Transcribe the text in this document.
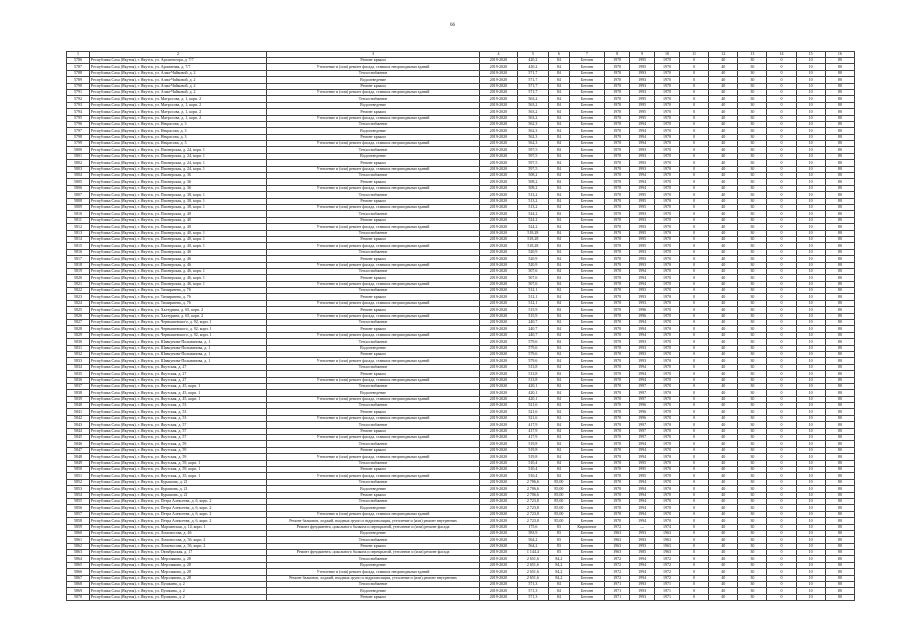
66
1	2	3	4	5	6	7	8	9	10	11	12	13	14	15	16
5786	Республика Саха (Якутия), г. Якутск, ул. Архитектора, д. 7/7	Ремонт крыши	2019-2020	420,2	84	Бетонн	1970	1995	1970	0	40	30	0	10	80
5787	Республика Саха (Якутия), г. Якутск, ул. Ароматная, д. 7/7	Утепление и (или) ремонт фасада, ставших непригодными зданий	2019-2020	420,2	84	Бетонн	1970	1995	1970	0	40	30	0	10	80
5788	Республика Саха (Якутия), г. Якутск, ул. Алма-Чайковой, д. 2	Теплоснабжение	2019-2020	571,7	84	Бетонн	1970	1993	1970	0	40	30	0	10	80
5789	Республика Саха (Якутия), г. Якутск, ул. Алма-Чайковой, д. 2	Водоотведение	2019-2020	571,7	84	Бетонн	1970	1993	1970	0	40	30	0	10	80
5790	Республика Саха (Якутия), г. Якутск, ул. Алма-Чайковой, д. 2	Ремонт крыши	2019-2020	571,7	84	Бетонн	1970	1993	1970	0	40	30	0	10	80
5791	Республика Саха (Якутия), г. Якутск, ул. Алма-Чайковой, д. 2	Утепление и (или) ремонт фасада, ставших непригодными зданий	2019-2020	571,7	84	Бетонн	1970	1993	1970	0	40	30	0	10	80
5792	Республика Саха (Якутия), г. Якутск, ул. Матросова, д. 1, корп. 2	Теплоснабжение	2019-2020	563,2	84	Бетонн	1970	1995	1970	0	40	30	0	10	80
5793	Республика Саха (Якутия), г. Якутск, ул. Матросова, д. 1, корп. 2	Водоотведение	2019-2020	563,2	84	Бетонн	1970	1995	1970	0	40	30	0	10	80
5794	Республика Саха (Якутия), г. Якутск, ул. Матросова, д. 1, корп. 2	Ремонт крыши	2019-2020	563,2	84	Бетонн	1970	1995	1970	0	40	30	0	10	80
5795	Республика Саха (Якутия), г. Якутск, ул. Матросова, д. 1, корп. 2	Утепление и (или) ремонт фасада, ставших непригодными зданий	2019-2020	563,2	84	Бетонн	1970	1995	1970	0	40	30	0	10	80
5796	Республика Саха (Якутия), г. Якутск, ул. Некрасова, д. 3	Теплоснабжение	2019-2020	562,3	84	Бетонн	1970	1994	1970	0	40	30	0	10	80
5797	Республика Саха (Якутия), г. Якутск, ул. Некрасова, д. 3	Водоотведение	2019-2020	562,3	84	Бетонн	1970	1994	1970	0	40	30	0	10	80
5798	Республика Саха (Якутия), г. Якутск, ул. Некрасова, д. 3	Ремонт крыши	2019-2020	562,3	84	Бетонн	1970	1994	1970	0	40	30	0	10	80
5799	Республика Саха (Якутия), г. Якутск, ул. Некрасова, д. 3	Утепление и (или) ремонт фасада, ставших непригодными зданий	2019-2020	562,3	84	Бетонн	1970	1994	1970	0	40	30	0	10	80
5800	Республика Саха (Якутия), г. Якутск, ул. Пионерская, д. 24, корп. 1	Теплоснабжение	2019-2020	597,5	84	Бетонн	1970	1993	1970	0	40	30	0	10	80
5801	Республика Саха (Якутия), г. Якутск, ул. Пионерская, д. 24, корп. 1	Водоотведение	2019-2020	597,5	84	Бетонн	1970	1993	1970	0	40	30	0	10	80
5802	Республика Саха (Якутия), г. Якутск, ул. Пионерская, д. 24, корп. 1	Ремонт крыши	2019-2020	597,5	84	Бетонн	1970	1993	1970	0	40	30	0	10	80
5803	Республика Саха (Якутия), г. Якутск, ул. Пионерская, д. 24, корп. 1	Утепление и (или) ремонт фасада, ставших непригодными зданий	2019-2020	597,5	84	Бетонн	1970	1993	1970	0	40	30	0	10	80
5804	Республика Саха (Якутия), г. Якутск, ул. Пионерская, д. 36	Теплоснабжение	2019-2020	508,2	84	Бетонн	1970	1994	1970	0	40	30	0	10	80
5805	Республика Саха (Якутия), г. Якутск, ул. Пионерская, д. 36	Ремонт крыши	2019-2020	508,2	84	Бетонн	1970	1994	1970	0	40	30	0	10	80
5806	Республика Саха (Якутия), г. Якутск, ул. Пионерская, д. 36	Утепление и (или) ремонт фасада, ставших непригодными зданий	2019-2020	508,2	84	Бетонн	1970	1994	1970	0	40	30	0	10	80
5807	Республика Саха (Якутия), г. Якутск, ул. Пионерская, д. 38, корп. 1	Теплоснабжение	2019-2020	513,2	84	Бетонн	1970	1995	1970	0	40	30	0	10	80
5808	Республика Саха (Якутия), г. Якутск, ул. Пионерская, д. 38, корп. 1	Ремонт крыши	2019-2020	513,2	84	Бетонн	1970	1995	1970	0	40	30	0	10	80
5809	Республика Саха (Якутия), г. Якутск, ул. Пионерская, д. 38, корп. 1	Утепление и (или) ремонт фасада, ставших непригодными зданий	2019-2020	513,2	84	Бетонн	1970	1995	1970	0	40	30	0	10	80
5810	Республика Саха (Якутия), г. Якутск, ул. Пионерская, д. 40	Теплоснабжение	2019-2020	524,2	84	Бетонн	1970	1993	1970	0	40	30	0	10	80
5811	Республика Саха (Якутия), г. Якутск, ул. Пионерская, д. 40	Ремонт крыши	2019-2020	524,2	84	Бетонн	1970	1993	1970	0	40	30	0	10	80
5812	Республика Саха (Якутия), г. Якутск, ул. Пионерская, д. 40	Утепление и (или) ремонт фасада, ставших непригодными зданий	2019-2020	524,2	84	Бетонн	1970	1993	1970	0	40	30	0	10	80
5813	Республика Саха (Якутия), г. Якутск, ул. Пионерская, д. 40, корп. 1	Теплоснабжение	2019-2020	518,28	84	Бетонн	1970	1995	1970	0	40	30	0	10	80
5814	Республика Саха (Якутия), г. Якутск, ул. Пионерская, д. 40, корп. 1	Ремонт крыши	2019-2020	518,28	84	Бетонн	1970	1995	1970	0	40	30	0	10	80
5815	Республика Саха (Якутия), г. Якутск, ул. Пионерская, д. 40, корп. 1	Утепление и (или) ремонт фасада, ставших непригодными зданий	2019-2020	518,28	84	Бетонн	1970	1995	1970	0	40	30	0	10	80
5816	Республика Саха (Якутия), г. Якутск, ул. Пионерская, д. 46	Теплоснабжение	2019-2020	520,9	84	Бетонн	1970	1993	1970	0	40	30	0	10	80
5817	Республика Саха (Якутия), г. Якутск, ул. Пионерская, д. 46	Ремонт крыши	2019-2020	520,9	84	Бетонн	1970	1993	1970	0	40	30	0	10	80
5818	Республика Саха (Якутия), г. Якутск, ул. Пионерская, д. 46	Утепление и (или) ремонт фасада, ставших непригодными зданий	2019-2020	520,9	84	Бетонн	1970	1993	1970	0	40	30	0	10	80
5819	Республика Саха (Якутия), г. Якутск, ул. Пионерская, д. 46, корп. 1	Теплоснабжение	2019-2020	507,6	84	Бетонн	1970	1994	1970	0	40	30	0	10	80
5820	Республика Саха (Якутия), г. Якутск, ул. Пионерская, д. 46, корп. 1	Ремонт крыши	2019-2020	507,6	84	Бетонн	1970	1994	1970	0	40	30	0	10	80
5821	Республика Саха (Якутия), г. Якутск, ул. Пионерская, д. 46, корп. 1	Утепление и (или) ремонт фасада, ставших непригодными зданий	2019-2020	507,6	84	Бетонн	1970	1994	1970	0	40	30	0	10	80
5822	Республика Саха (Якутия), г. Якутск, ул. Тимирязева, д. 76	Теплоснабжение	2019-2020	512,1	84	Бетонн	1970	1993	1970	0	40	30	0	10	80
5823	Республика Саха (Якутия), г. Якутск, ул. Тимирязева, д. 76	Ремонт крыши	2019-2020	512,1	84	Бетонн	1970	1993	1970	0	40	30	0	10	80
5824	Республика Саха (Якутия), г. Якутск, ул. Тимирязева, д. 76	Утепление и (или) ремонт фасада, ставших непригодными зданий	2019-2020	512,1	84	Бетонн	1970	1993	1970	0	40	30	0	10	80
5825	Республика Саха (Якутия), г. Якутск, ул. Халтурина, д. 65, корп. 2	Ремонт крыши	2019-2020	515,9	84	Бетонн	1970	1996	1970	0	40	30	0	10	80
5826	Республика Саха (Якутия), г. Якутск, ул. Халтурина, д. 65, корп. 2	Утепление и (или) ремонт фасада, ставших непригодными зданий	2019-2020	515,9	84	Бетонн	1970	1996	1970	0	40	30	0	10	80
5827	Республика Саха (Якутия), г. Якутск, ул. Чернышевского, д. 92, корп. 1	Теплоснабжение	2019-2020	240,7	84	Бетонн	1970	1994	1970	0	40	30	0	10	80
5828	Республика Саха (Якутия), г. Якутск, ул. Чернышевского, д. 92, корп. 1	Ремонт крыши	2019-2020	240,7	84	Бетонн	1970	1994	1970	0	40	30	0	10	80
5829	Республика Саха (Якутия), г. Якутск, ул. Чернышевского, д. 92, корп. 1	Утепление и (или) ремонт фасада, ставших непригодными зданий	2019-2020	240,7	84	Бетонн	1970	1994	1970	0	40	30	0	10	80
5830	Республика Саха (Якутия), г. Якутск, ул. Шавкунова-Полыванова, д. 1	Теплоснабжение	2019-2020	579,6	84	Бетонн	1970	1993	1970	0	40	30	0	10	80
5831	Республика Саха (Якутия), г. Якутск, ул. Шавкунова-Полыванова, д. 1	Водоотведение	2019-2020	579,6	84	Бетонн	1970	1993	1970	0	40	30	0	10	80
5832	Республика Саха (Якутия), г. Якутск, ул. Шавкунова-Полыванова, д. 1	Ремонт крыши	2019-2020	579,6	84	Бетонн	1970	1993	1970	0	40	30	0	10	80
5833	Республика Саха (Якутия), г. Якутск, ул. Шавкунова-Полыванова, д. 1	Утепление и (или) ремонт фасада, ставших непригодными зданий	2019-2020	579,6	84	Бетонн	1970	1993	1970	0	40	30	0	10	80
5834	Республика Саха (Якутия), г. Якутск, ул. Якутская, д. 27	Теплоснабжение	2019-2020	513,8	84	Бетонн	1970	1994	1970	0	40	30	0	10	80
5835	Республика Саха (Якутия), г. Якутск, ул. Якутская, д. 27	Ремонт крыши	2019-2020	513,8	84	Бетонн	1970	1994	1970	0	40	30	0	10	80
5836	Республика Саха (Якутия), г. Якутск, ул. Якутская, д. 27	Утепление и (или) ремонт фасада, ставших непригодными зданий	2019-2020	513,8	84	Бетонн	1970	1994	1970	0	40	30	0	10	80
5837	Республика Саха (Якутия), г. Якутск, ул. Якутская, д. 45, корп. 1	Теплоснабжение	2019-2020	420,1	84	Бетонн	1970	1997	1970	0	40	30	0	10	80
5838	Республика Саха (Якутия), г. Якутск, ул. Якутская, д. 45, корп. 1	Водоотведение	2019-2020	420,1	84	Бетонн	1970	1997	1970	0	40	30	0	10	80
5839	Республика Саха (Якутия), г. Якутск, ул. Якутская, д. 45, корп. 1	Утепление и (или) ремонт фасада, ставших непригодными зданий	2019-2020	420,1	84	Бетонн	1970	1997	1970	0	40	30	0	10	80
5840	Республика Саха (Якутия), г. Якутск, ул. Якутская, д. 53	Теплоснабжение	2019-2020	521,6	84	Бетонн	1970	1996	1970	0	40	30	0	10	80
5841	Республика Саха (Якутия), г. Якутск, ул. Якутская, д. 53	Ремонт крыши	2019-2020	521,6	84	Бетонн	1970	1996	1970	0	40	30	0	10	80
5842	Республика Саха (Якутия), г. Якутск, ул. Якутская, д. 53	Утепление и (или) ремонт фасада, ставших непригодными зданий	2019-2020	521,6	84	Бетонн	1970	1996	1970	0	40	30	0	10	80
5843	Республика Саха (Якутия), г. Якутск, ул. Якутская, д. 57	Теплоснабжение	2019-2020	417,9	84	Бетонн	1970	1997	1970	0	40	30	0	10	80
5844	Республика Саха (Якутия), г. Якутск, ул. Якутская, д. 57	Ремонт крыши	2019-2020	417,9	84	Бетонн	1970	1997	1970	0	40	30	0	10	80
5845	Республика Саха (Якутия), г. Якутск, ул. Якутская, д. 57	Утепление и (или) ремонт фасада, ставших непригодными зданий	2019-2020	417,9	84	Бетонн	1970	1997	1970	0	40	30	0	10	80
5846	Республика Саха (Якутия), г. Якутск, ул. Якутская, д. 59	Теплоснабжение	2019-2020	519,8	84	Бетонн	1970	1994	1970	0	40	30	0	10	80
5847	Республика Саха (Якутия), г. Якутск, ул. Якутская, д. 59	Ремонт крыши	2019-2020	519,8	84	Бетонн	1970	1994	1970	0	40	30	0	10	80
5848	Республика Саха (Якутия), г. Якутск, ул. Якутская, д. 59	Утепление и (или) ремонт фасада, ставших непригодными зданий	2019-2020	519,8	84	Бетонн	1970	1994	1970	0	40	30	0	10	80
5849	Республика Саха (Якутия), г. Якутск, ул. Якутская, д. 59, корп. 1	Теплоснабжение	2019-2020	510,4	84	Бетонн	1970	1995	1970	0	40	30	0	10	80
5850	Республика Саха (Якутия), г. Якутск, ул. Якутская, д. 59, корп. 1	Ремонт крыши	2019-2020	510,4	84	Бетонн	1970	1995	1970	0	40	30	0	10	80
5851	Республика Саха (Якутия), г. Якутск, ул. Якутская, д. 35, корп. 1	Утепление и (или) ремонт фасада, ставших непригодными зданий	2019-2020	510,4	84	Бетонн	1970	1995	1970	0	40	30	0	10	80
5852	Республика Саха (Якутия), г. Якутск, ул. Курашова, д. 21	Теплоснабжение	2019-2020	2 706,6	85,00	Бетонн	1970	1994	1970	0	40	30	0	10	80
5853	Республика Саха (Якутия), г. Якутск, ул. Курашова, д. 21	Водоотведение	2019-2020	2 706,6	85,00	Бетонн	1970	1994	1970	0	40	30	0	10	80
5854	Республика Саха (Якутия), г. Якутск, ул. Курашова, д. 21	Ремонт крыши	2019-2020	2 706,6	85,00	Бетонн	1970	1994	1970	0	40	30	0	10	80
5855	Республика Саха (Якутия), г. Якутск, ул. Петра Алексеева, д. 6, корп. 2	Теплоснабжение	2019-2020	2 723,8	85,00	Бетонн	1970	1994	1970	0	40	30	0	10	80
5856	Республика Саха (Якутия), г. Якутск, ул. Петра Алексеева, д. 6, корп. 2	Водоотведение	2019-2020	2 723,8	85,00	Бетонн	1970	1994	1970	0	40	30	0	10	80
5857	Республика Саха (Якутия), г. Якутск, ул. Петра Алексеева, д. 6, корп. 2	Утепление и (или) ремонт фасада, ставших непригодными зданий	2019-2020	2 723,8	85,00	Бетонн	1970	1994	1970	0	40	30	0	10	80
5858	Республика Саха (Якутия), г. Якутск, ул. Петра Алексеева, д. 6, корп. 2	Ремонт балконов, лоджий, входных групп и гидроизоляция, утепление и (или) ремонт внутренних	2019-2020	2 723,8	85,00	Бетонн	1970	1994	1970	0	40	30	0	10	80
5859	Республика Саха (Якутия), г. Якутск, ул. Мархинская, д. 14, корп. 1	Ремонт фундамента, цокольного балкона и перекрытий, утепление и (или) ремонт фасада	2019-2020	175,6	83	Кирпичное	1972	—	1974	0	40	30	0	10	80
5860	Республика Саха (Якутия), г. Якутск, ул. Ломоносова, д. 46	Водоотведение	2019-2020	583,9	83	Бетонн	1963	1993	1963	0	40	30	0	10	80
5861	Республика Саха (Якутия), г. Якутск, ул. Ломоносова, д. 56, корп. 2	Теплоснабжение	2019-2020	564,2	83	Бетонн	1963	1993	1963	0	40	30	0	10	80
5862	Республика Саха (Якутия), г. Якутск, ул. Ломоносова, д. 56, корп. 2	Ремонт крыши	2019-2020	564,2	83	Бетонн	1963	1993	1963	0	40	30	0	10	80
5863	Республика Саха (Якутия), г. Якутск, ул. Октябрьская, д. 17	Ремонт фундамента, цокольного балкона и перекрытий, утепление и (или) ремонт фасада	2019-2020	1 144,4	83	Бетонн	1963	1985	1963	0	40	30	0	10	80
5864	Республика Саха (Якутия), г. Якутск, ул. Мерзлякова, д. 28	Теплоснабжение	2019-2020	2 651,6	84,2	Бетонн	1972	1994	1972	0	40	30	0	10	80
5865	Республика Саха (Якутия), г. Якутск, ул. Мерзлякова, д. 28	Водоотведение	2019-2020	2 651,6	84,2	Бетонн	1972	1994	1972	0	40	30	0	10	80
5866	Республика Саха (Якутия), г. Якутск, ул. Мерзлякова, д. 28	Утепление и (или) ремонт фасада, ставших непригодными зданий	2019-2020	2 651,6	84,2	Бетонн	1972	1994	1972	0	40	30	0	10	80
5867	Республика Саха (Якутия), г. Якутск, ул. Мерзлякова, д. 28	Ремонт балконов, лоджий, входных групп и гидроизоляция, утепление и (или) ремонт внутренних	2019-2020	2 651,6	84,2	Бетонн	1972	1994	1972	0	40	30	0	10	80
5868	Республика Саха (Якутия), г. Якутск, ул. Пушкина, д. 2	Теплоснабжение	2019-2020	571,3	84	Бетонн	1971	1993	1971	0	40	30	0	10	80
5869	Республика Саха (Якутия), г. Якутск, ул. Пушкина, д. 2	Водоотведение	2019-2020	571,3	84	Бетонн	1971	1993	1971	0	40	30	0	10	80
5870	Республика Саха (Якутия), г. Якутск, ул. Пушкина, д. 2	Ремонт крыши	2019-2020	571,3	84	Бетонн	1971	1993	1971	0	40	30	0	10	80
